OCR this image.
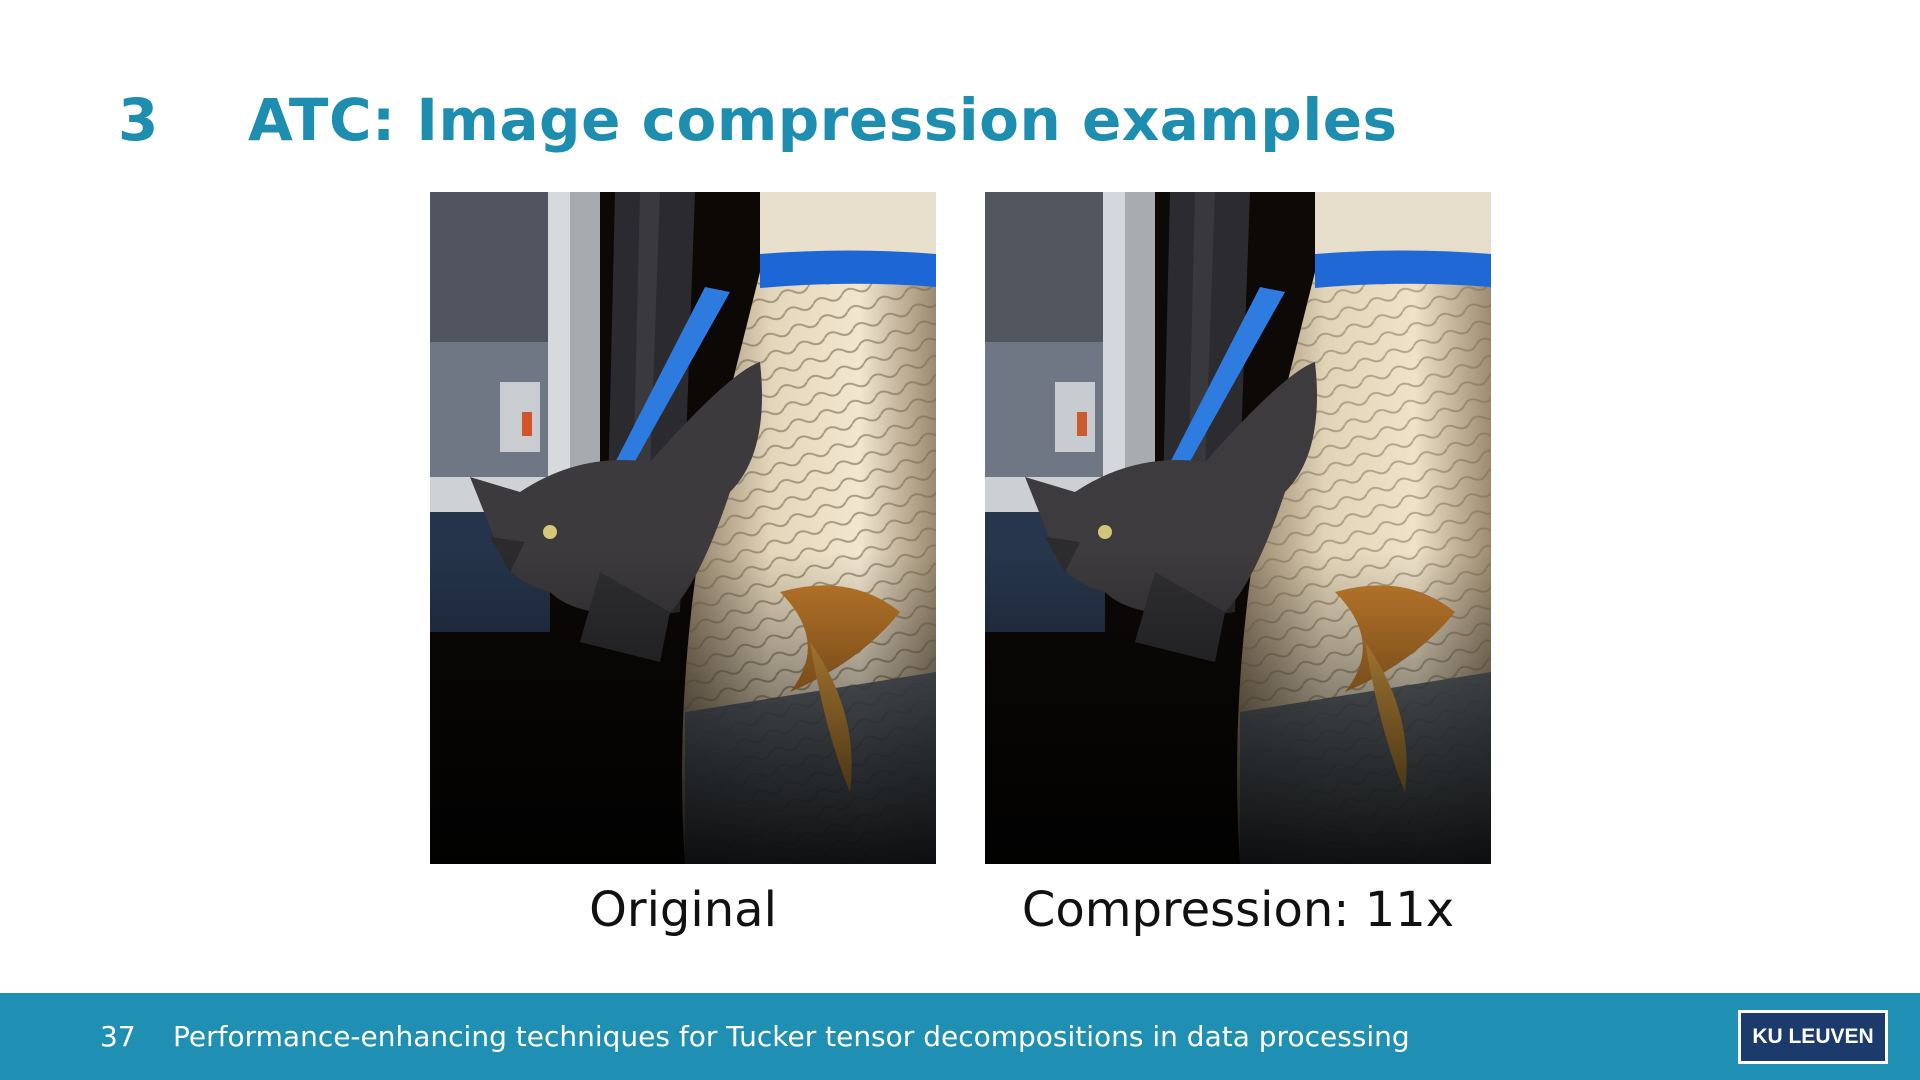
3	ATC: Image compression examples
Original	Compression: 11x
37 Performance-enhancing techniques for Tucker tensor decompositions in data processing	KU LEUVEN
